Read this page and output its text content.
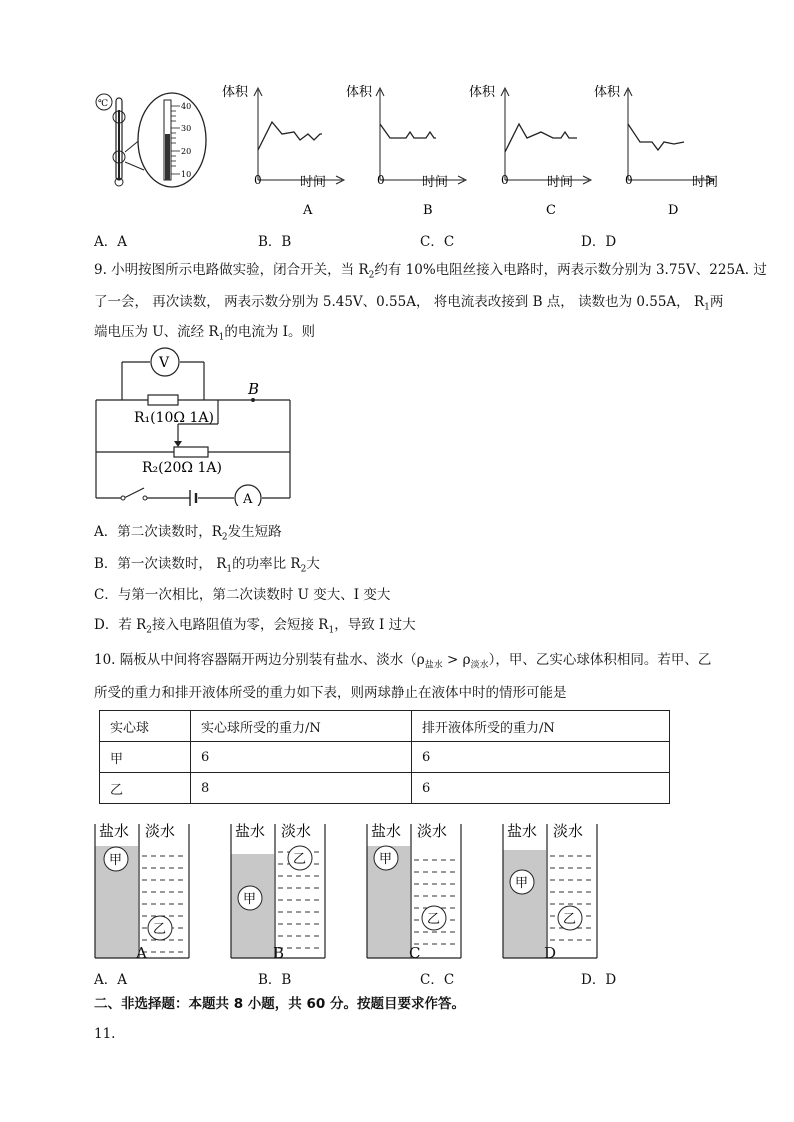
℃	40
30
20
10
体积
0	时间
A
体积
0	时间
B
体积
0	时间
C
体积
0	时间
D
A．A	B．B	C．C	D．D
9. 小明按图所示电路做实验，闭合开关，当 $R_2$约有 10%电阻丝接入电路时，两表示数分别为 3.75V、225A. 过
了一会， 再次读数， 两表示数分别为 5.45V、0.55A， 将电流表改接到 B 点， 读数也为 0.55A， $R_1$两
端电压为 U、流经 $R_1$的电流为 I。则
V
A
B
R₁(10Ω 1A)
R₂(20Ω 1A)
A．第二次读数时，$R_2$发生短路
B．第一次读数时， $R_1$的功率比 $R_2$大
C．与第一次相比，第二次读数时 U 变大、I 变大
D．若 $R_2$接入电路阻值为零，会短接 $R_1$，导致 I 过大
10. 隔板从中间将容器隔开两边分别装有盐水、淡水$(\rho_{盐水} > \rho_{淡水})$，甲、乙实心球体积相同。若甲、乙
所受的重力和排开液体所受的重力如下表，则两球静止在液体中时的情形可能是
实心球	实心球所受的重力/N	排开液体所受的重力/N
甲	6	6
乙	8	6
盐水 淡水
甲
乙
盐水 淡水
甲
乙
盐水 淡水
甲
乙
盐水 淡水
甲
乙
A	B	C	D
A．A	B．B	C．C	D．D
二、非选择题：本题共 8 小题，共 60 分。按题目要求作答。
11.
